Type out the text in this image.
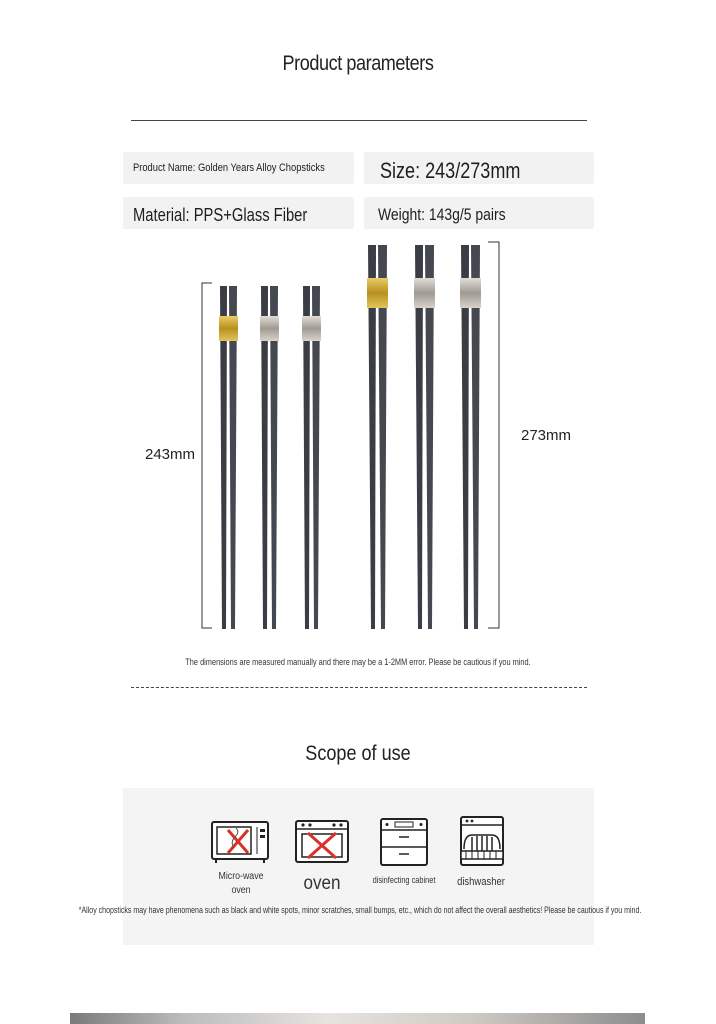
Product parameters
Product Name: Golden Years Alloy Chopsticks	Size: 243/273mm
Material: PPS+Glass Fiber	Weight: 143g/5 pairs
243mm
273mm
The dimensions are measured manually and there may be a 1-2MM error. Please be cautious if you mind.
Scope of use
Micro-wave
oven	oven	disinfecting cabinet	dishwasher
*Alloy chopsticks may have phenomena such as black and white spots, minor scratches, small bumps, etc., which do not affect the overall aesthetics! Please be cautious if you mind.
